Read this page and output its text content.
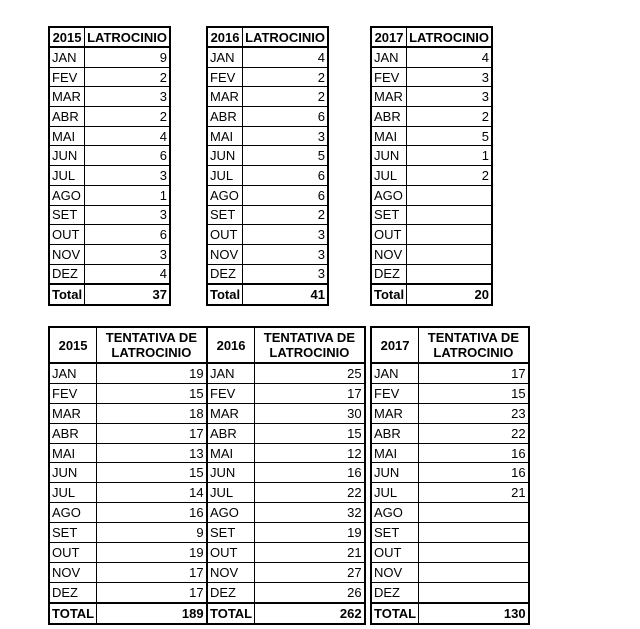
2015	LATROCINIO
JAN	9
FEV	2
MAR	3
ABR	2
MAI	4
JUN	6
JUL	3
AGO	1
SET	3
OUT	6
NOV	3
DEZ	4
Total	37
2016	LATROCINIO
JAN	4
FEV	2
MAR	2
ABR	6
MAI	3
JUN	5
JUL	6
AGO	6
SET	2
OUT	3
NOV	3
DEZ	3
Total	41
2017	LATROCINIO
JAN	4
FEV	3
MAR	3
ABR	2
MAI	5
JUN	1
JUL	2
AGO	
SET	
OUT	
NOV	
DEZ	
Total	20
2015	TENTATIVA DE LATROCINIO
JAN	19
FEV	15
MAR	18
ABR	17
MAI	13
JUN	15
JUL	14
AGO	16
SET	9
OUT	19
NOV	17
DEZ	17
TOTAL	189
2016	TENTATIVA DE LATROCINIO
JAN	25
FEV	17
MAR	30
ABR	15
MAI	12
JUN	16
JUL	22
AGO	32
SET	19
OUT	21
NOV	27
DEZ	26
TOTAL	262
2017	TENTATIVA DE LATROCINIO
JAN	17
FEV	15
MAR	23
ABR	22
MAI	16
JUN	16
JUL	21
AGO	
SET	
OUT	
NOV	
DEZ	
TOTAL	130
